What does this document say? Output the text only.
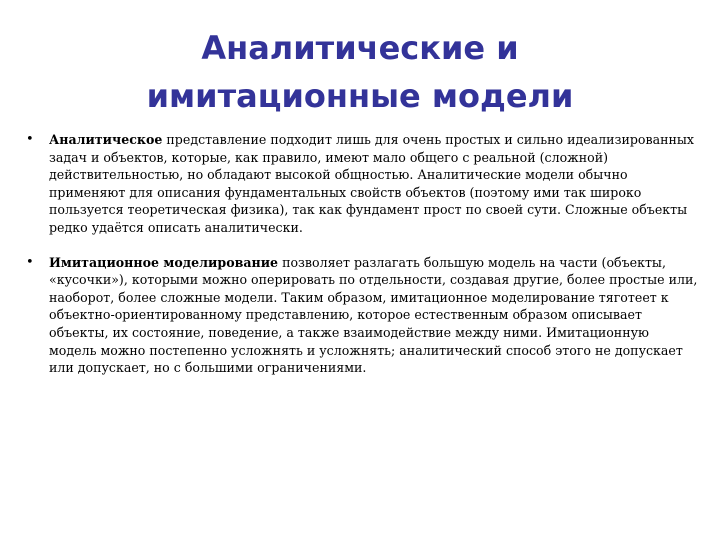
Аналитические и
имитационные модели
• Аналитическое представление подходит лишь для очень простых и сильно идеализированных задач и объектов, которые, как правило, имеют мало общего с реальной (сложной) действительностью, но обладают высокой общностью. Аналитические модели обычно применяют для описания фундаментальных свойств объектов (поэтому ими так широко пользуется теоретическая физика), так как фундамент прост по своей сути. Сложные объекты редко удаётся описать аналитически.
• Имитационное моделирование позволяет разлагать большую модель на части (объекты, «кусочки»), которыми можно оперировать по отдельности, создавая другие, более простые или, наоборот, более сложные модели. Таким образом, имитационное моделирование тяготеет к объектно-ориентированному представлению, которое естественным образом описывает объекты, их состояние, поведение, а также взаимодействие между ними. Имитационную модель можно постепенно усложнять и усложнять; аналитический способ этого не допускает или допускает, но с большими ограничениями.
